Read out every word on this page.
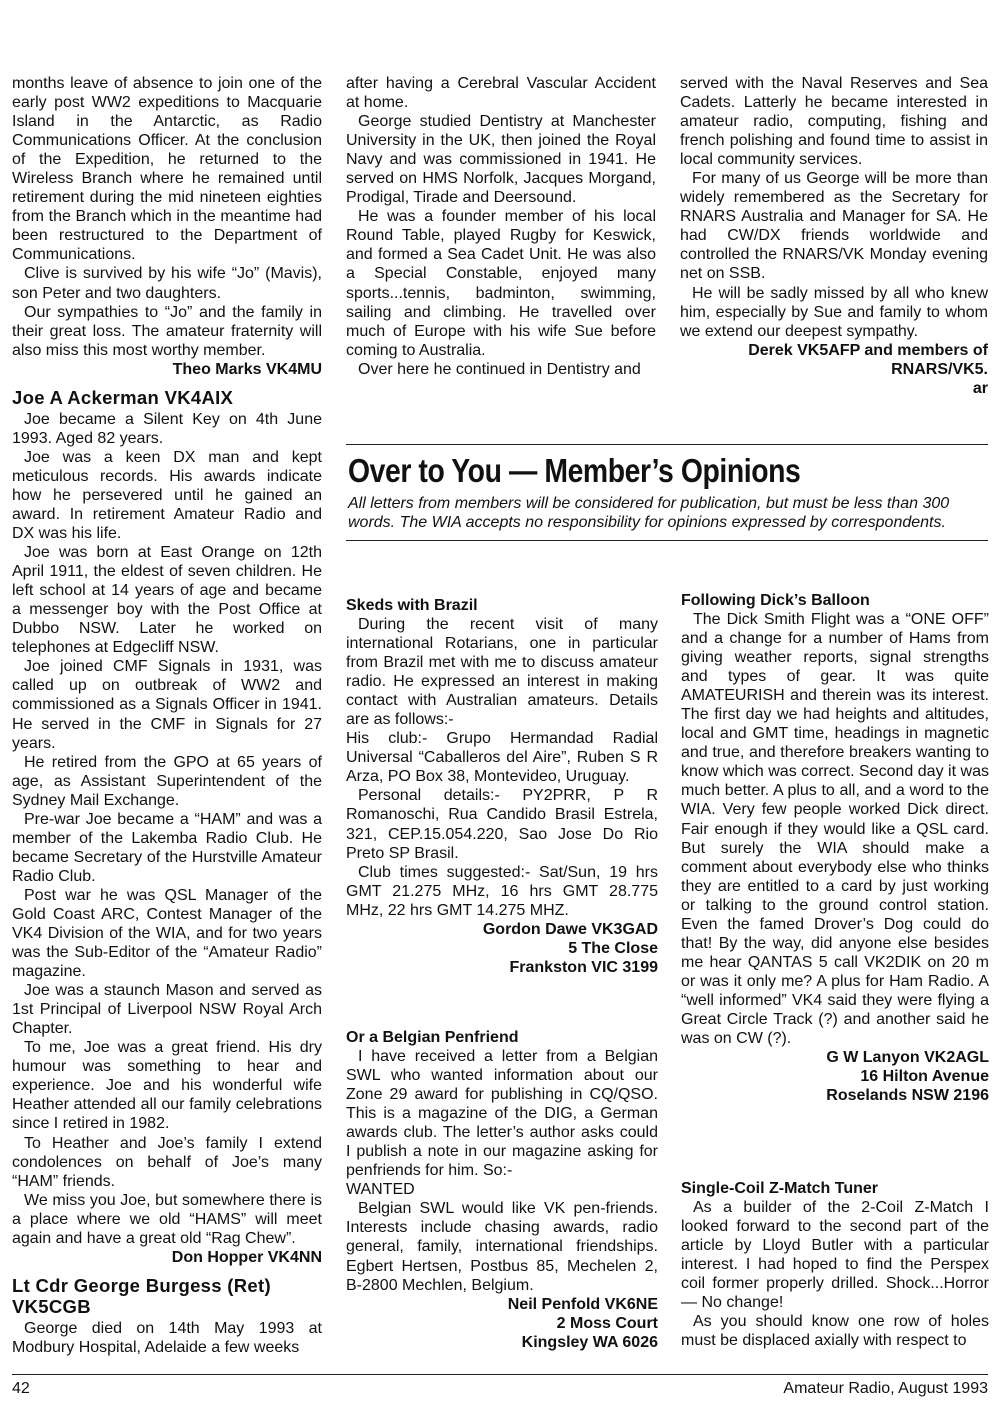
months leave of absence to join one of the early post WW2 expeditions to Macquarie Island in the Antarctic, as Radio Communications Officer. At the conclusion of the Expedition, he returned to the Wireless Branch where he remained until retirement during the mid nineteen eighties from the Branch which in the meantime had been restructured to the Department of Communications.

Clive is survived by his wife “Jo” (Mavis), son Peter and two daughters.

Our sympathies to “Jo” and the family in their great loss. The amateur fraternity will also miss this most worthy member.

Theo Marks VK4MU
Joe A Ackerman VK4AIX

Joe became a Silent Key on 4th June 1993. Aged 82 years.

Joe was a keen DX man and kept meticulous records. His awards indicate how he persevered until he gained an award. In retirement Amateur Radio and DX was his life.

Joe was born at East Orange on 12th April 1911, the eldest of seven children. He left school at 14 years of age and became a messenger boy with the Post Office at Dubbo NSW. Later he worked on telephones at Edgecliff NSW.

Joe joined CMF Signals in 1931, was called up on outbreak of WW2 and commissioned as a Signals Officer in 1941. He served in the CMF in Signals for 27 years.

He retired from the GPO at 65 years of age, as Assistant Superintendent of the Sydney Mail Exchange.

Pre-war Joe became a “HAM” and was a member of the Lakemba Radio Club. He became Secretary of the Hurstville Amateur Radio Club.

Post war he was QSL Manager of the Gold Coast ARC, Contest Manager of the VK4 Division of the WIA, and for two years was the Sub-Editor of the “Amateur Radio” magazine.

Joe was a staunch Mason and served as 1st Principal of Liverpool NSW Royal Arch Chapter.

To me, Joe was a great friend. His dry humour was something to hear and experience. Joe and his wonderful wife Heather attended all our family celebrations since I retired in 1982.

To Heather and Joe’s family I extend condolences on behalf of Joe’s many “HAM” friends.

We miss you Joe, but somewhere there is a place where we old “HAMS” will meet again and have a great old “Rag Chew”.

Don Hopper VK4NN
Lt Cdr George Burgess (Ret) VK5CGB

George died on 14th May 1993 at Modbury Hospital, Adelaide a few weeks

after having a Cerebral Vascular Accident at home.

George studied Dentistry at Manchester University in the UK, then joined the Royal Navy and was commissioned in 1941. He served on HMS Norfolk, Jacques Morgand, Prodigal, Tirade and Deersound.

He was a founder member of his local Round Table, played Rugby for Keswick, and formed a Sea Cadet Unit. He was also a Special Constable, enjoyed many sports...tennis, badminton, swimming, sailing and climbing. He travelled over much of Europe with his wife Sue before coming to Australia.

Over here he continued in Dentistry and

served with the Naval Reserves and Sea Cadets. Latterly he became interested in amateur radio, computing, fishing and french polishing and found time to assist in local community services.

For many of us George will be more than widely remembered as the Secretary for RNARS Australia and Manager for SA. He had CW/DX friends worldwide and controlled the RNARS/VK Monday evening net on SSB.

He will be sadly missed by all who knew him, especially by Sue and family to whom we extend our deepest sympathy.

Derek VK5AFP and members of
RNARS/VK5.
ar
Over to You — Member’s Opinions
All letters from members will be considered for publication, but must be less than 300 words. The WIA accepts no responsibility for opinions expressed by correspondents.
Skeds with Brazil

During the recent visit of many international Rotarians, one in particular from Brazil met with me to discuss amateur radio. He expressed an interest in making contact with Australian amateurs. Details are as follows:-

His club:- Grupo Hermandad Radial Universal “Caballeros del Aire”, Ruben S R Arza, PO Box 38, Montevideo, Uruguay.

Personal details:- PY2PRR, P R Romanoschi, Rua Candido Brasil Estrela, 321, CEP.15.054.220, Sao Jose Do Rio Preto SP Brasil.

Club times suggested:- Sat/Sun, 19 hrs GMT 21.275 MHz, 16 hrs GMT 28.775 MHz, 22 hrs GMT 14.275 MHZ.

Gordon Dawe VK3GAD
5 The Close
Frankston VIC 3199
Or a Belgian Penfriend

I have received a letter from a Belgian SWL who wanted information about our Zone 29 award for publishing in CQ/QSO. This is a magazine of the DIG, a German awards club. The letter’s author asks could I publish a note in our magazine asking for penfriends for him. So:-

WANTED

Belgian SWL would like VK pen-friends. Interests include chasing awards, radio general, family, international friendships. Egbert Hertsen, Postbus 85, Mechelen 2, B-2800 Mechlen, Belgium.

Neil Penfold VK6NE
2 Moss Court
Kingsley WA 6026
Following Dick’s Balloon

The Dick Smith Flight was a “ONE OFF” and a change for a number of Hams from giving weather reports, signal strengths and types of gear. It was quite AMATEURISH and therein was its interest. The first day we had heights and altitudes, local and GMT time, headings in magnetic and true, and therefore breakers wanting to know which was correct. Second day it was much better. A plus to all, and a word to the WIA. Very few people worked Dick direct. Fair enough if they would like a QSL card. But surely the WIA should make a comment about everybody else who thinks they are entitled to a card by just working or talking to the ground control station. Even the famed Drover’s Dog could do that! By the way, did anyone else besides me hear QANTAS 5 call VK2DIK on 20 m or was it only me? A plus for Ham Radio. A “well informed” VK4 said they were flying a Great Circle Track (?) and another said he was on CW (?).

G W Lanyon VK2AGL
16 Hilton Avenue
Roselands NSW 2196
Single-Coil Z-Match Tuner

As a builder of the 2-Coil Z-Match I looked forward to the second part of the article by Lloyd Butler with a particular interest. I had hoped to find the Perspex coil former properly drilled. Shock...Horror — No change!

As you should know one row of holes must be displaced axially with respect to

42	Amateur Radio, August 1993
